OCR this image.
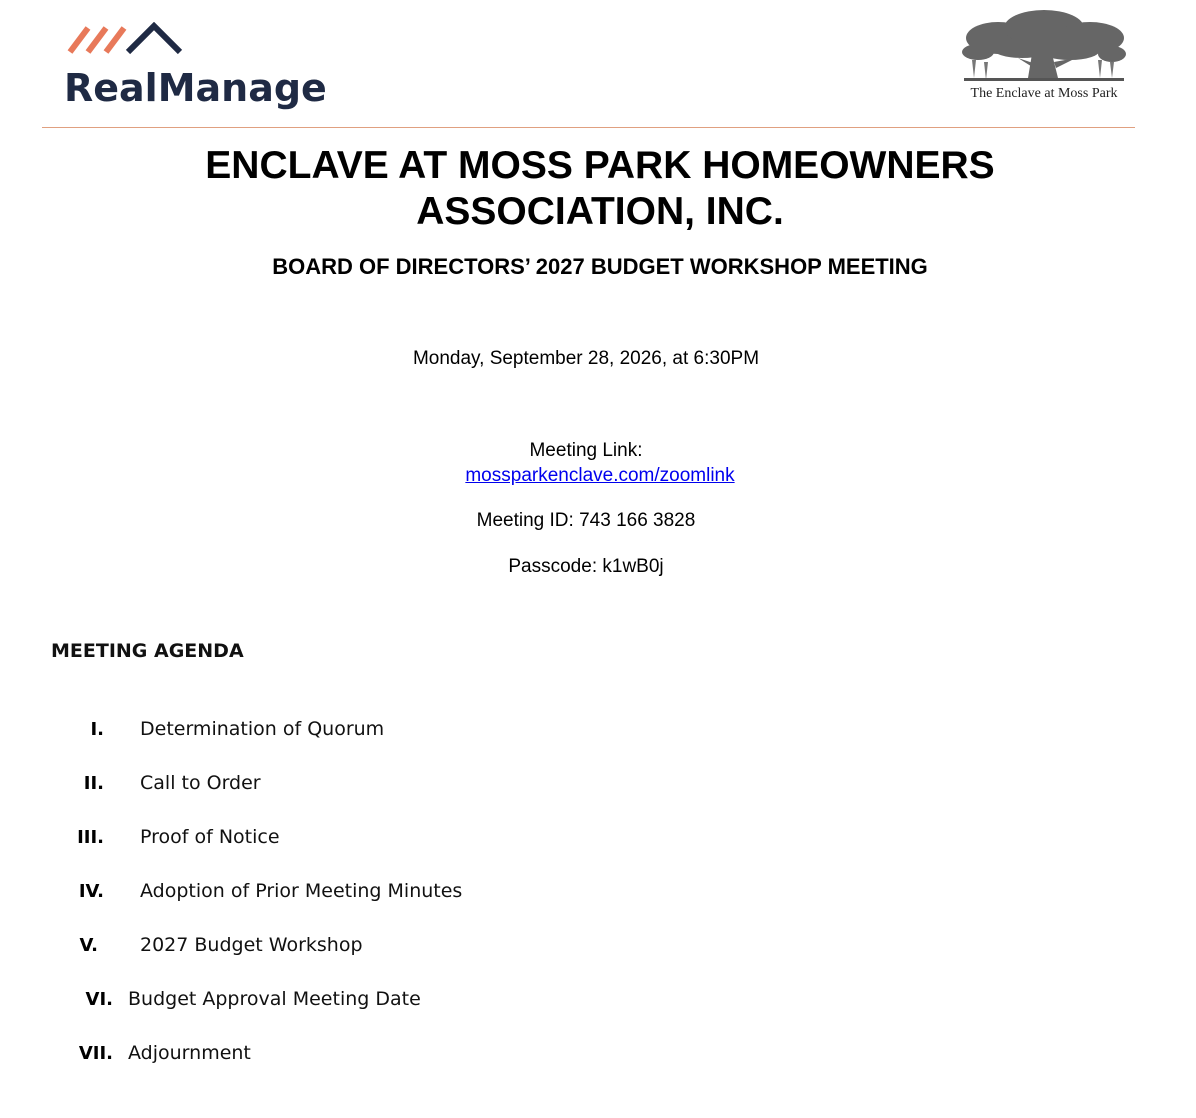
RealManage	The Enclave at Moss Park
ENCLAVE AT MOSS PARK HOMEOWNERS
ASSOCIATION, INC.
BOARD OF DIRECTORS’ 2027 BUDGET WORKSHOP MEETING
Monday, September 28, 2026, at 6:30PM
Meeting Link:
mossparkenclave.com/zoomlink
Meeting ID: 743 166 3828
Passcode: k1wB0j
MEETING AGENDA
I. Determination of Quorum
II. Call to Order
III. Proof of Notice
IV. Adoption of Prior Meeting Minutes
V. 2027 Budget Workshop
VI. Budget Approval Meeting Date
VII. Adjournment
